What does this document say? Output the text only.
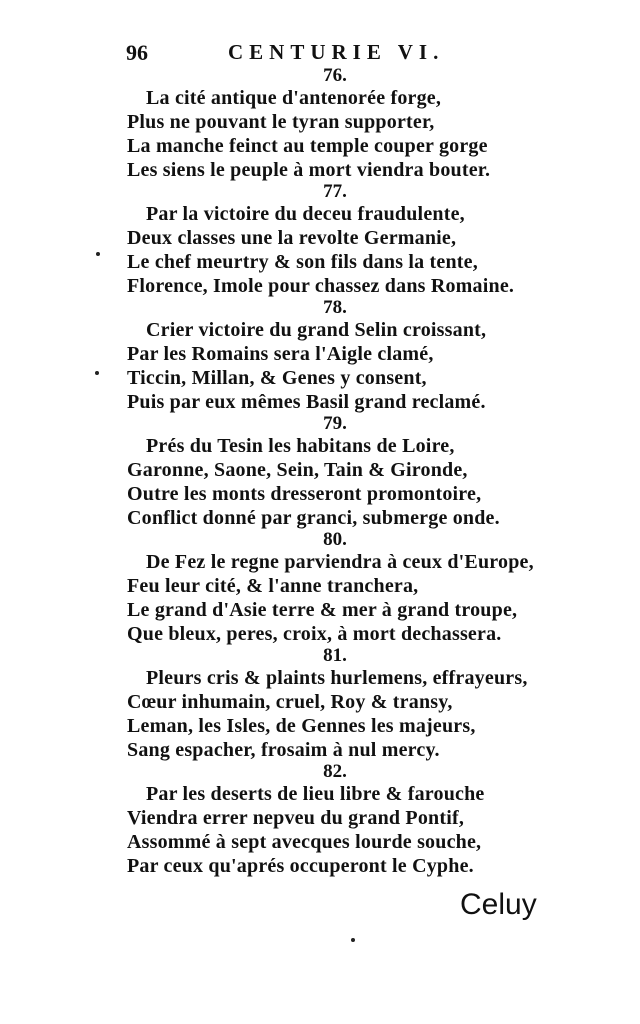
96	CENTURIE VI.
76.
La cité antique d'antenorée forge,
Plus ne pouvant le tyran supporter,
La manche feinct au temple couper gorge
Les siens le peuple à mort viendra bouter.
77.
Par la victoire du deceu fraudulente,
Deux classes une la revolte Germanie,
Le chef meurtry & son fils dans la tente,
Florence, Imole pour chassez dans Romaine.
78.
Crier victoire du grand Selin croissant,
Par les Romains sera l'Aigle clamé,
Ticcin, Millan, & Genes y consent,
Puis par eux mêmes Basil grand reclamé.
79.
Prés du Tesin les habitans de Loire,
Garonne, Saone, Sein, Tain & Gironde,
Outre les monts dresseront promontoire,
Conflict donné par granci, submerge onde.
80.
De Fez le regne parviendra à ceux d'Europe,
Feu leur cité, & l'anne tranchera,
Le grand d'Asie terre & mer à grand troupe,
Que bleux, peres, croix, à mort dechassera.
81.
Pleurs cris & plaints hurlemens, effrayeurs,
Cœur inhumain, cruel, Roy & transy,
Leman, les Isles, de Gennes les majeurs,
Sang espacher, frosaim à nul mercy.
82.
Par les deserts de lieu libre & farouche
Viendra errer nepveu du grand Pontif,
Assommé à sept avecques lourde souche,
Par ceux qu'aprés occuperont le Cyphe.
Celuy
